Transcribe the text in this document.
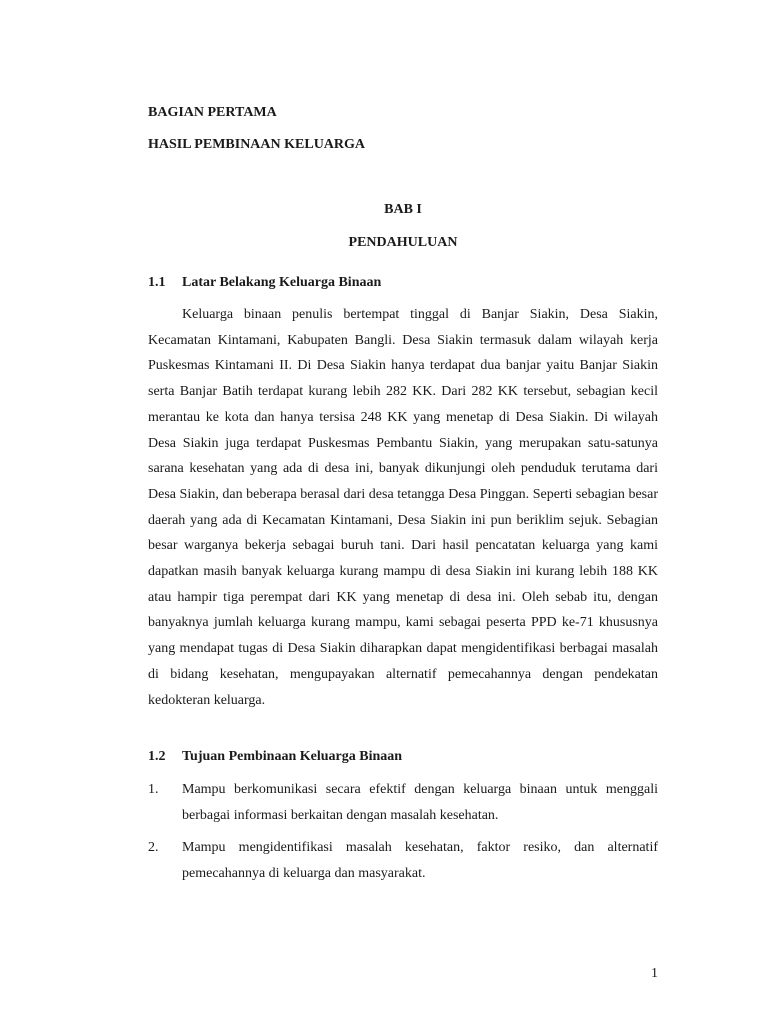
BAGIAN PERTAMA
HASIL PEMBINAAN KELUARGA
BAB I
PENDAHULUAN
1.1 Latar Belakang Keluarga Binaan
Keluarga binaan penulis bertempat tinggal di Banjar Siakin, Desa Siakin, Kecamatan Kintamani, Kabupaten Bangli. Desa Siakin termasuk dalam wilayah kerja Puskesmas Kintamani II. Di Desa Siakin hanya terdapat dua banjar yaitu Banjar Siakin serta Banjar Batih terdapat kurang lebih 282 KK. Dari 282 KK tersebut, sebagian kecil merantau ke kota dan hanya tersisa 248 KK yang menetap di Desa Siakin. Di wilayah Desa Siakin juga terdapat Puskesmas Pembantu Siakin, yang merupakan satu-satunya sarana kesehatan yang ada di desa ini, banyak dikunjungi oleh penduduk terutama dari Desa Siakin, dan beberapa berasal dari desa tetangga Desa Pinggan. Seperti sebagian besar daerah yang ada di Kecamatan Kintamani, Desa Siakin ini pun beriklim sejuk. Sebagian besar warganya bekerja sebagai buruh tani. Dari hasil pencatatan keluarga yang kami dapatkan masih banyak keluarga kurang mampu di desa Siakin ini kurang lebih 188 KK atau hampir tiga perempat dari KK yang menetap di desa ini. Oleh sebab itu, dengan banyaknya jumlah keluarga kurang mampu, kami sebagai peserta PPD ke-71 khususnya yang mendapat tugas di Desa Siakin diharapkan dapat mengidentifikasi berbagai masalah di bidang kesehatan, mengupayakan alternatif pemecahannya dengan pendekatan kedokteran keluarga.
1.2 Tujuan Pembinaan Keluarga Binaan
1.	Mampu berkomunikasi secara efektif dengan keluarga binaan untuk menggali berbagai informasi berkaitan dengan masalah kesehatan.
2.	Mampu mengidentifikasi masalah kesehatan, faktor resiko, dan alternatif pemecahannya di keluarga dan masyarakat.
1
